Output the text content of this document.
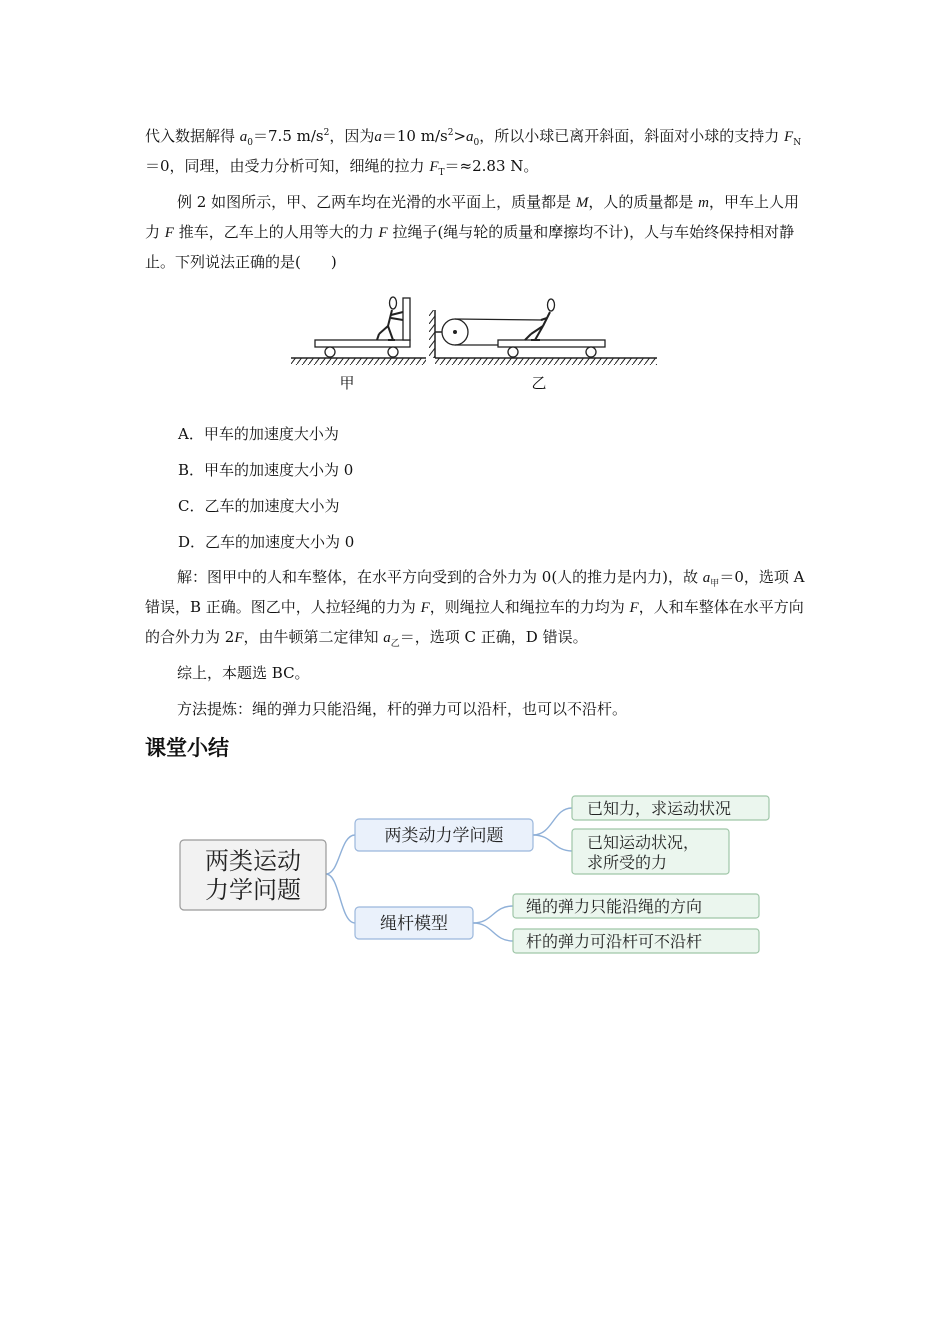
代入数据解得 $a_0=7.5$ $m/s^2$，因为a＝10 $m/s^2>a_0$，所以小球已离开斜面，斜面对小球的支持力 $F_N=0$，同理，由受力分析可知，细绳的拉力 $F_T=\approx 2.83$ N。

例 2 如图所示，甲、乙两车均在光滑的水平面上，质量都是 M，人的质量都是 m，甲车上人用力 F 推车，乙车上的人用等大的力 F 拉绳子(绳与轮的质量和摩擦均不计)，人与车始终保持相对静止。下列说法正确的是(　　)

甲	乙

A．甲车的加速度大小为

B．甲车的加速度大小为 0

C．乙车的加速度大小为

D．乙车的加速度大小为 0

解：图甲中的人和车整体，在水平方向受到的合外力为 0(人的推力是内力)，故 $a_甲=0$，选项 A 错误，B 正确。图乙中，人拉轻绳的力为 F，则绳拉人和绳拉车的力均为 F，人和车整体在水平方向的合外力为 2F，由牛顿第二定律知 $a_乙=$，选项 C 正确，D 错误。

综上，本题选 BC。

方法提炼：绳的弹力只能沿绳，杆的弹力可以沿杆，也可以不沿杆。

课堂小结
两类运动
力学问题
两类动力学问题
绳杆模型
已知力，求运动状况
已知运动状况，
求所受的力
绳的弹力只能沿绳的方向
杆的弹力可沿杆可不沿杆
